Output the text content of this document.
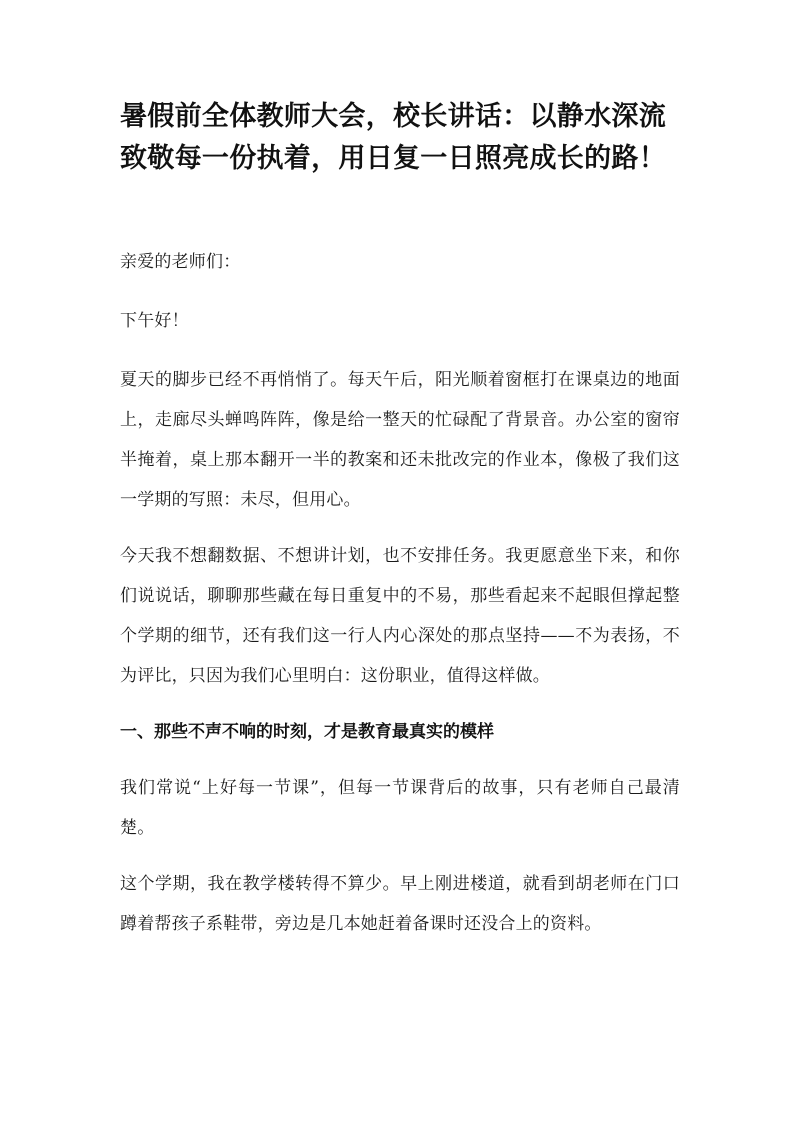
暑假前全体教师大会，校长讲话：以静水深流致敬每一份执着，用日复一日照亮成长的路！

亲爱的老师们：

下午好！

夏天的脚步已经不再悄悄了。每天午后，阳光顺着窗框打在课桌边的地面上，走廊尽头蝉鸣阵阵，像是给一整天的忙碌配了背景音。办公室的窗帘半掩着，桌上那本翻开一半的教案和还未批改完的作业本，像极了我们这一学期的写照：未尽，但用心。

今天我不想翻数据、不想讲计划，也不安排任务。我更愿意坐下来，和你们说说话，聊聊那些藏在每日重复中的不易，那些看起来不起眼但撑起整个学期的细节，还有我们这一行人内心深处的那点坚持——不为表扬，不为评比，只因为我们心里明白：这份职业，值得这样做。

一、那些不声不响的时刻，才是教育最真实的模样

我们常说“上好每一节课”，但每一节课背后的故事，只有老师自己最清楚。

这个学期，我在教学楼转得不算少。早上刚进楼道，就看到胡老师在门口蹲着帮孩子系鞋带，旁边是几本她赶着备课时还没合上的资料。
